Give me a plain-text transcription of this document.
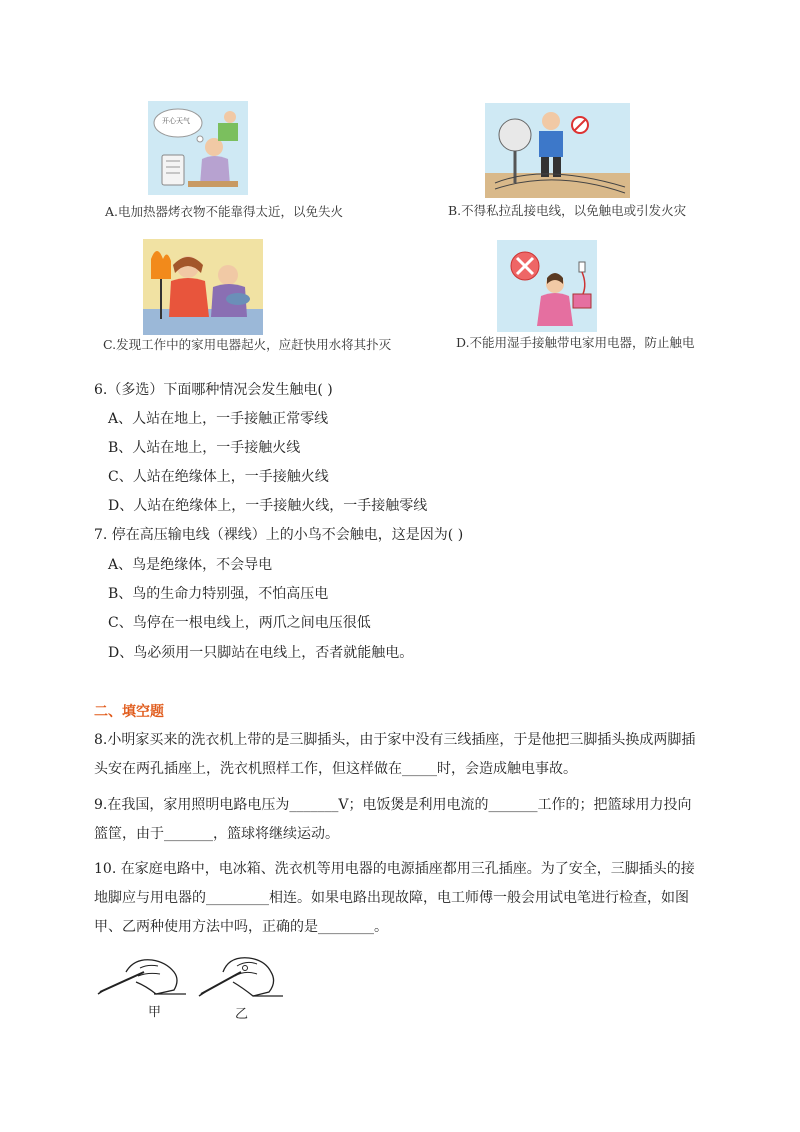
开心天气
A.电加热器烤衣物不能靠得太近，以免失火	B.不得私拉乱接电线，以免触电或引发火灾
C.发现工作中的家用电器起火，应赶快用水将其扑灭	D.不能用湿手接触带电家用电器，防止触电
6.（多选）下面哪种情况会发生触电( )
A、人站在地上，一手接触正常零线
B、人站在地上，一手接触火线
C、人站在绝缘体上，一手接触火线
D、人站在绝缘体上，一手接触火线，一手接触零线
7. 停在高压输电线（裸线）上的小鸟不会触电，这是因为( )
A、鸟是绝缘体，不会导电
B、鸟的生命力特别强，不怕高压电
C、鸟停在一根电线上，两爪之间电压很低
D、鸟必须用一只脚站在电线上，否者就能触电。
二、填空题
8.小明家买来的洗衣机上带的是三脚插头，由于家中没有三线插座，于是他把三脚插头换成两脚插
头安在两孔插座上，洗衣机照样工作，但这样做在_____时，会造成触电事故。
9.在我国，家用照明电路电压为_______V；电饭煲是利用电流的_______工作的；把篮球用力投向
篮筐，由于_______，篮球将继续运动。
10. 在家庭电路中，电冰箱、洗衣机等用电器的电源插座都用三孔插座。为了安全，三脚插头的接
地脚应与用电器的_________相连。如果电路出现故障，电工师傅一般会用试电笔进行检查，如图
甲、乙两种使用方法中吗，正确的是________。
甲	乙
